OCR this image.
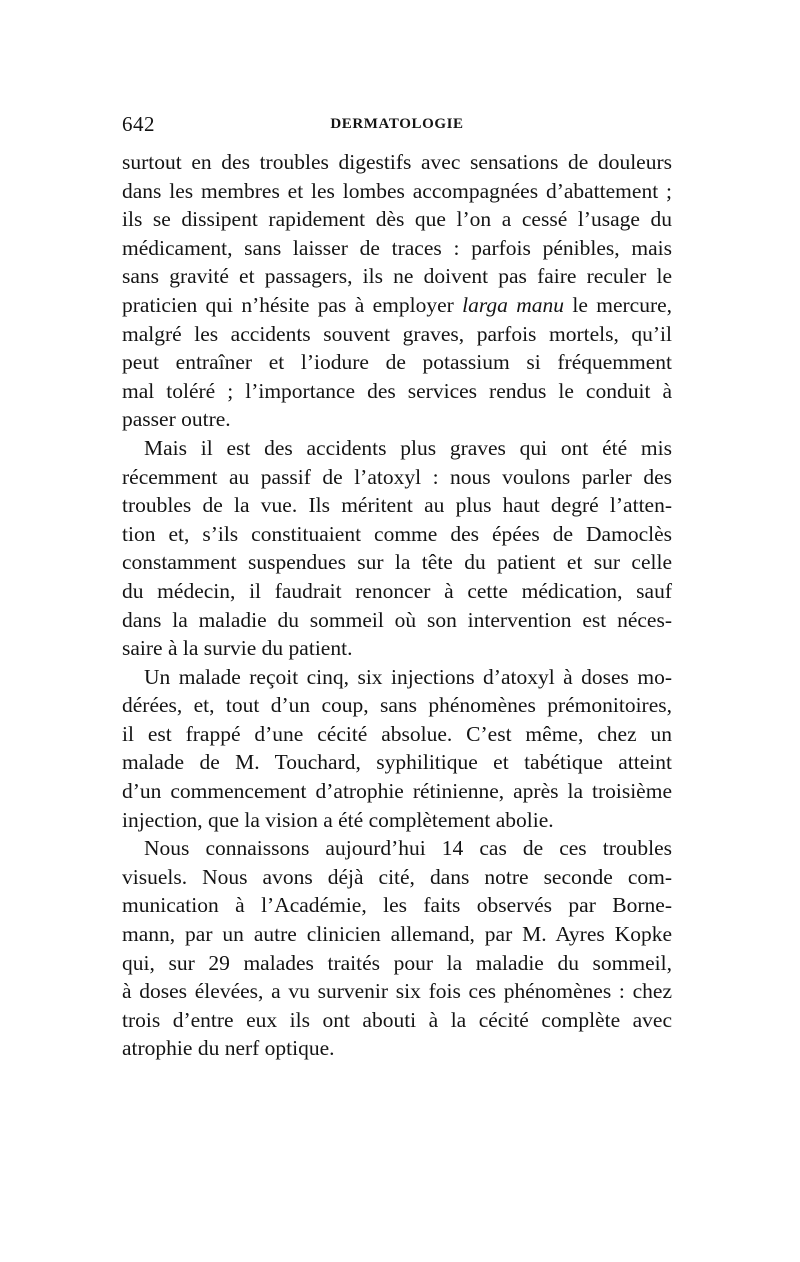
642	DERMATOLOGIE
surtout en des troubles digestifs avec sensations de douleurs
dans les membres et les lombes accompagnées d’abattement ;
ils se dissipent rapidement dès que l’on a cessé l’usage du
médicament, sans laisser de traces : parfois pénibles, mais
sans gravité et passagers, ils ne doivent pas faire reculer le
praticien qui n’hésite pas à employer larga manu le mercure,
malgré les accidents souvent graves, parfois mortels, qu’il
peut entraîner et l’iodure de potassium si fréquemment
mal toléré ; l’importance des services rendus le conduit à
passer outre.
Mais il est des accidents plus graves qui ont été mis
récemment au passif de l’atoxyl : nous voulons parler des
troubles de la vue. Ils méritent au plus haut degré l’atten-
tion et, s’ils constituaient comme des épées de Damoclès
constamment suspendues sur la tête du patient et sur celle
du médecin, il faudrait renoncer à cette médication, sauf
dans la maladie du sommeil où son intervention est néces-
saire à la survie du patient.
Un malade reçoit cinq, six injections d’atoxyl à doses mo-
dérées, et, tout d’un coup, sans phénomènes prémonitoires,
il est frappé d’une cécité absolue. C’est même, chez un
malade de M. Touchard, syphilitique et tabétique atteint
d’un commencement d’atrophie rétinienne, après la troisième
injection, que la vision a été complètement abolie.
Nous connaissons aujourd’hui 14 cas de ces troubles
visuels. Nous avons déjà cité, dans notre seconde com-
munication à l’Académie, les faits observés par Borne-
mann, par un autre clinicien allemand, par M. Ayres Kopke
qui, sur 29 malades traités pour la maladie du sommeil,
à doses élevées, a vu survenir six fois ces phénomènes : chez
trois d’entre eux ils ont abouti à la cécité complète avec
atrophie du nerf optique.
